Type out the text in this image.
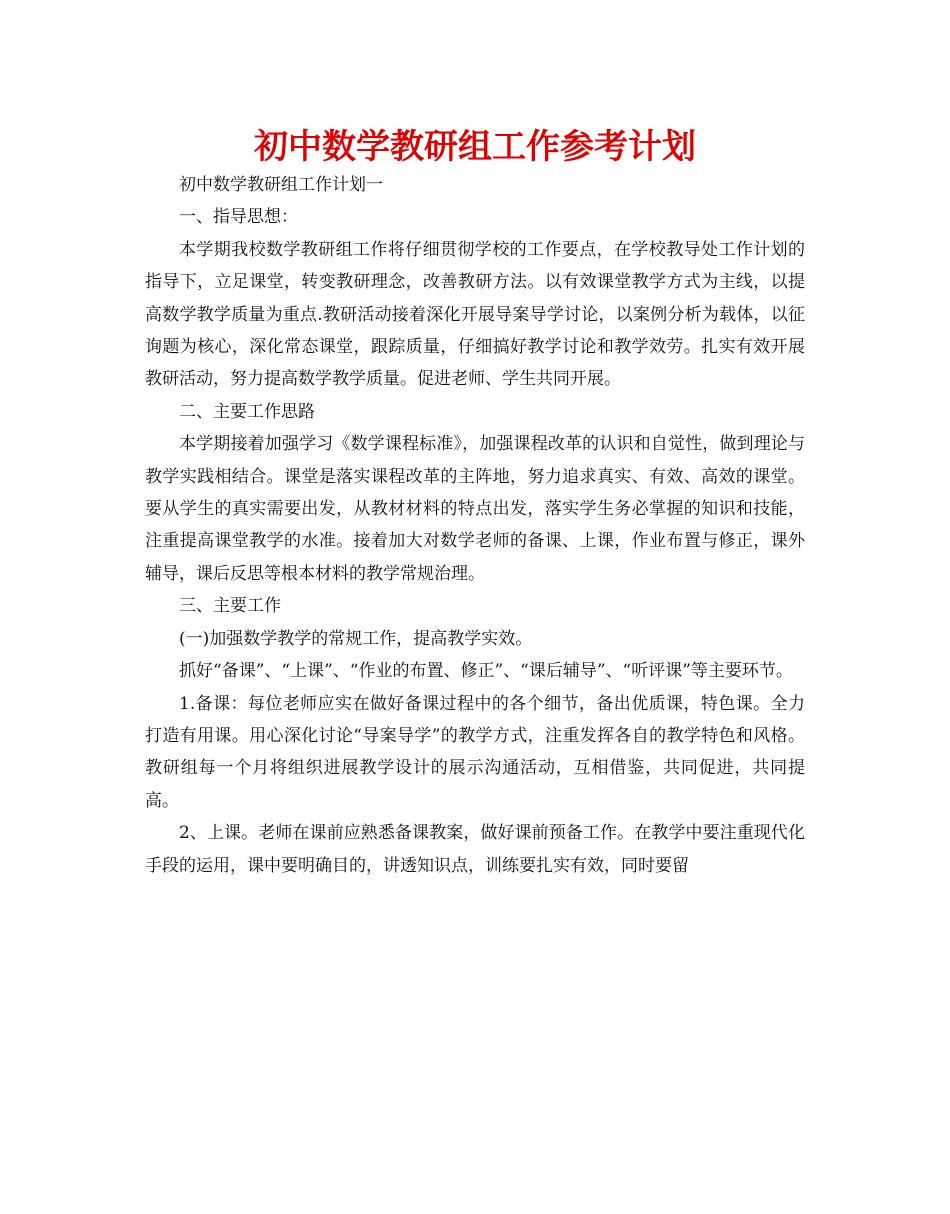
初中数学教研组工作参考计划

初中数学教研组工作计划一

一、指导思想：

本学期我校数学教研组工作将仔细贯彻学校的工作要点，在学校教导处工作计划的指导下，立足课堂，转变教研理念，改善教研方法。以有效课堂教学方式为主线，以提高数学教学质量为重点.教研活动接着深化开展导案导学讨论，以案例分析为载体，以征询题为核心，深化常态课堂，跟踪质量，仔细搞好教学讨论和教学效劳。扎实有效开展教研活动，努力提高数学教学质量。促进老师、学生共同开展。

二、主要工作思路

本学期接着加强学习《数学课程标准》，加强课程改革的认识和自觉性，做到理论与教学实践相结合。课堂是落实课程改革的主阵地，努力追求真实、有效、高效的课堂。要从学生的真实需要出发，从教材材料的特点出发，落实学生务必掌握的知识和技能，注重提高课堂教学的水准。接着加大对数学老师的备课、上课，作业布置与修正，课外辅导，课后反思等根本材料的教学常规治理。

三、主要工作

(一)加强数学教学的常规工作，提高教学实效。

抓好“备课”、“上课”、“作业的布置、修正”、“课后辅导”、“听评课”等主要环节。

1.备课：每位老师应实在做好备课过程中的各个细节，备出优质课，特色课。全力打造有用课。用心深化讨论“导案导学”的教学方式，注重发挥各自的教学特色和风格。教研组每一个月将组织进展教学设计的展示沟通活动，互相借鉴，共同促进，共同提高。

2、上课。老师在课前应熟悉备课教案，做好课前预备工作。在教学中要注重现代化手段的运用，课中要明确目的，讲透知识点，训练要扎实有效，同时要留
